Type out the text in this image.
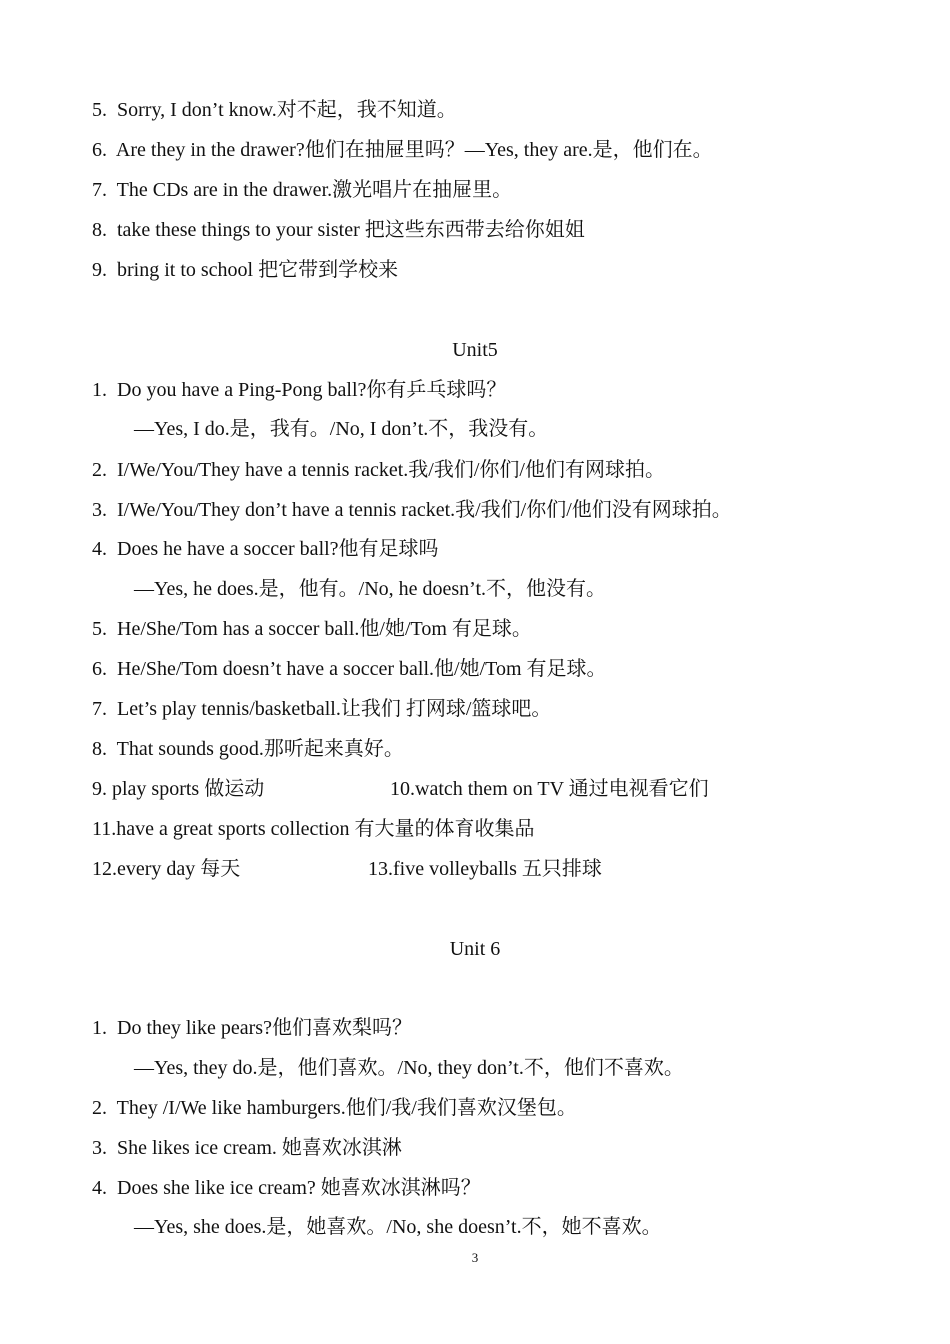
5. Sorry, I don’t know.对不起，我不知道。
6. Are they in the drawer?他们在抽屉里吗？—Yes, they are.是，他们在。
7. The CDs are in the drawer.激光唱片在抽屉里。
8. take these things to your sister 把这些东西带去给你姐姐
9. bring it to school 把它带到学校来
Unit5
1. Do you have a Ping-Pong ball?你有乒乓球吗？
—Yes, I do.是，我有。/No, I don’t.不，我没有。
2. I/We/You/They have a tennis racket.我/我们/你们/他们有网球拍。
3. I/We/You/They don’t have a tennis racket.我/我们/你们/他们没有网球拍。
4. Does he have a soccer ball?他有足球吗
—Yes, he does.是，他有。/No, he doesn’t.不，他没有。
5. He/She/Tom has a soccer ball.他/她/Tom 有足球。
6. He/She/Tom doesn’t have a soccer ball.他/她/Tom 有足球。
7. Let’s play tennis/basketball.让我们 打网球/篮球吧。
8. That sounds good.那听起来真好。
9. play sports 做运动	10.watch them on TV 通过电视看它们
11.have a great sports collection 有大量的体育收集品
12.every day 每天	13.five volleyballs 五只排球
Unit 6
1. Do they like pears?他们喜欢梨吗？
—Yes, they do.是，他们喜欢。/No, they don’t.不，他们不喜欢。
2. They /I/We like hamburgers.他们/我/我们喜欢汉堡包。
3. She likes ice cream. 她喜欢冰淇淋
4. Does she like ice cream? 她喜欢冰淇淋吗？
—Yes, she does.是，她喜欢。/No, she doesn’t.不，她不喜欢。
3
